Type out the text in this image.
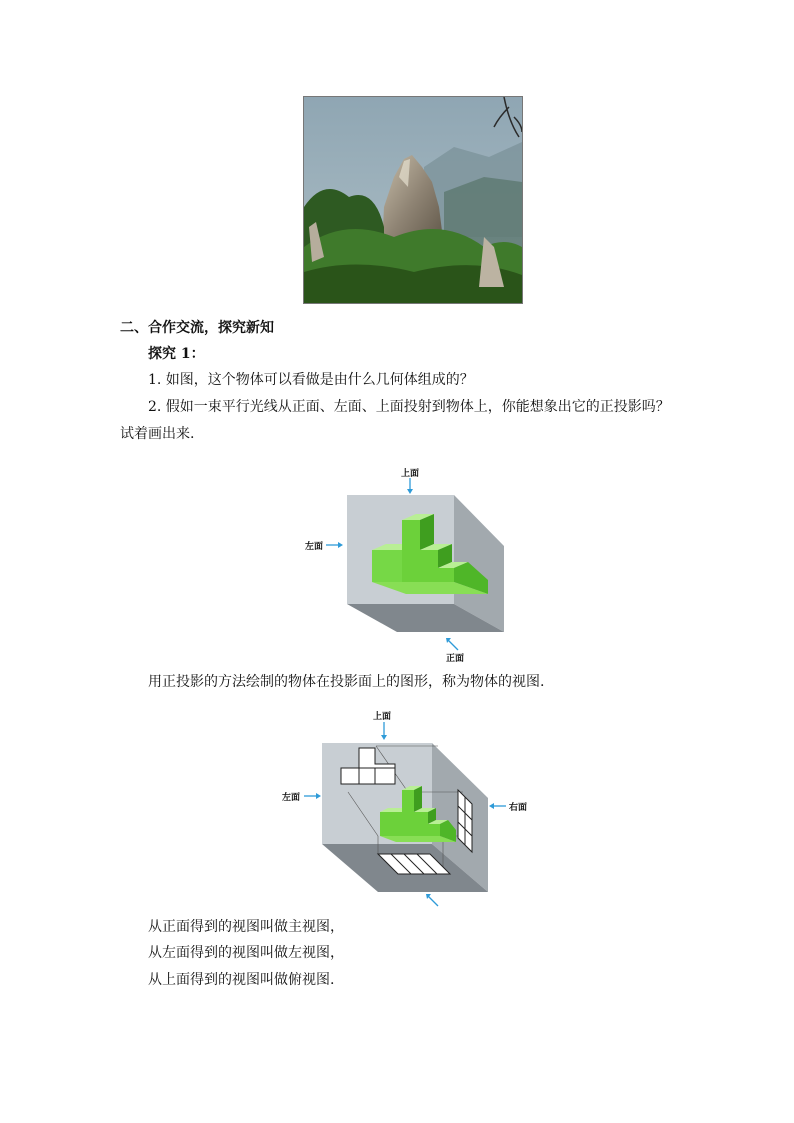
二、合作交流，探究新知
探究 1：
1. 如图，这个物体可以看做是由什么几何体组成的？
2. 假如一束平行光线从正面、左面、上面投射到物体上，你能想象出它的正投影吗？
试着画出来.
上面
左面
正面
用正投影的方法绘制的物体在投影面上的图形，称为物体的视图.
上面
左面
右面
从正面得到的视图叫做主视图，
从左面得到的视图叫做左视图，
从上面得到的视图叫做俯视图.
